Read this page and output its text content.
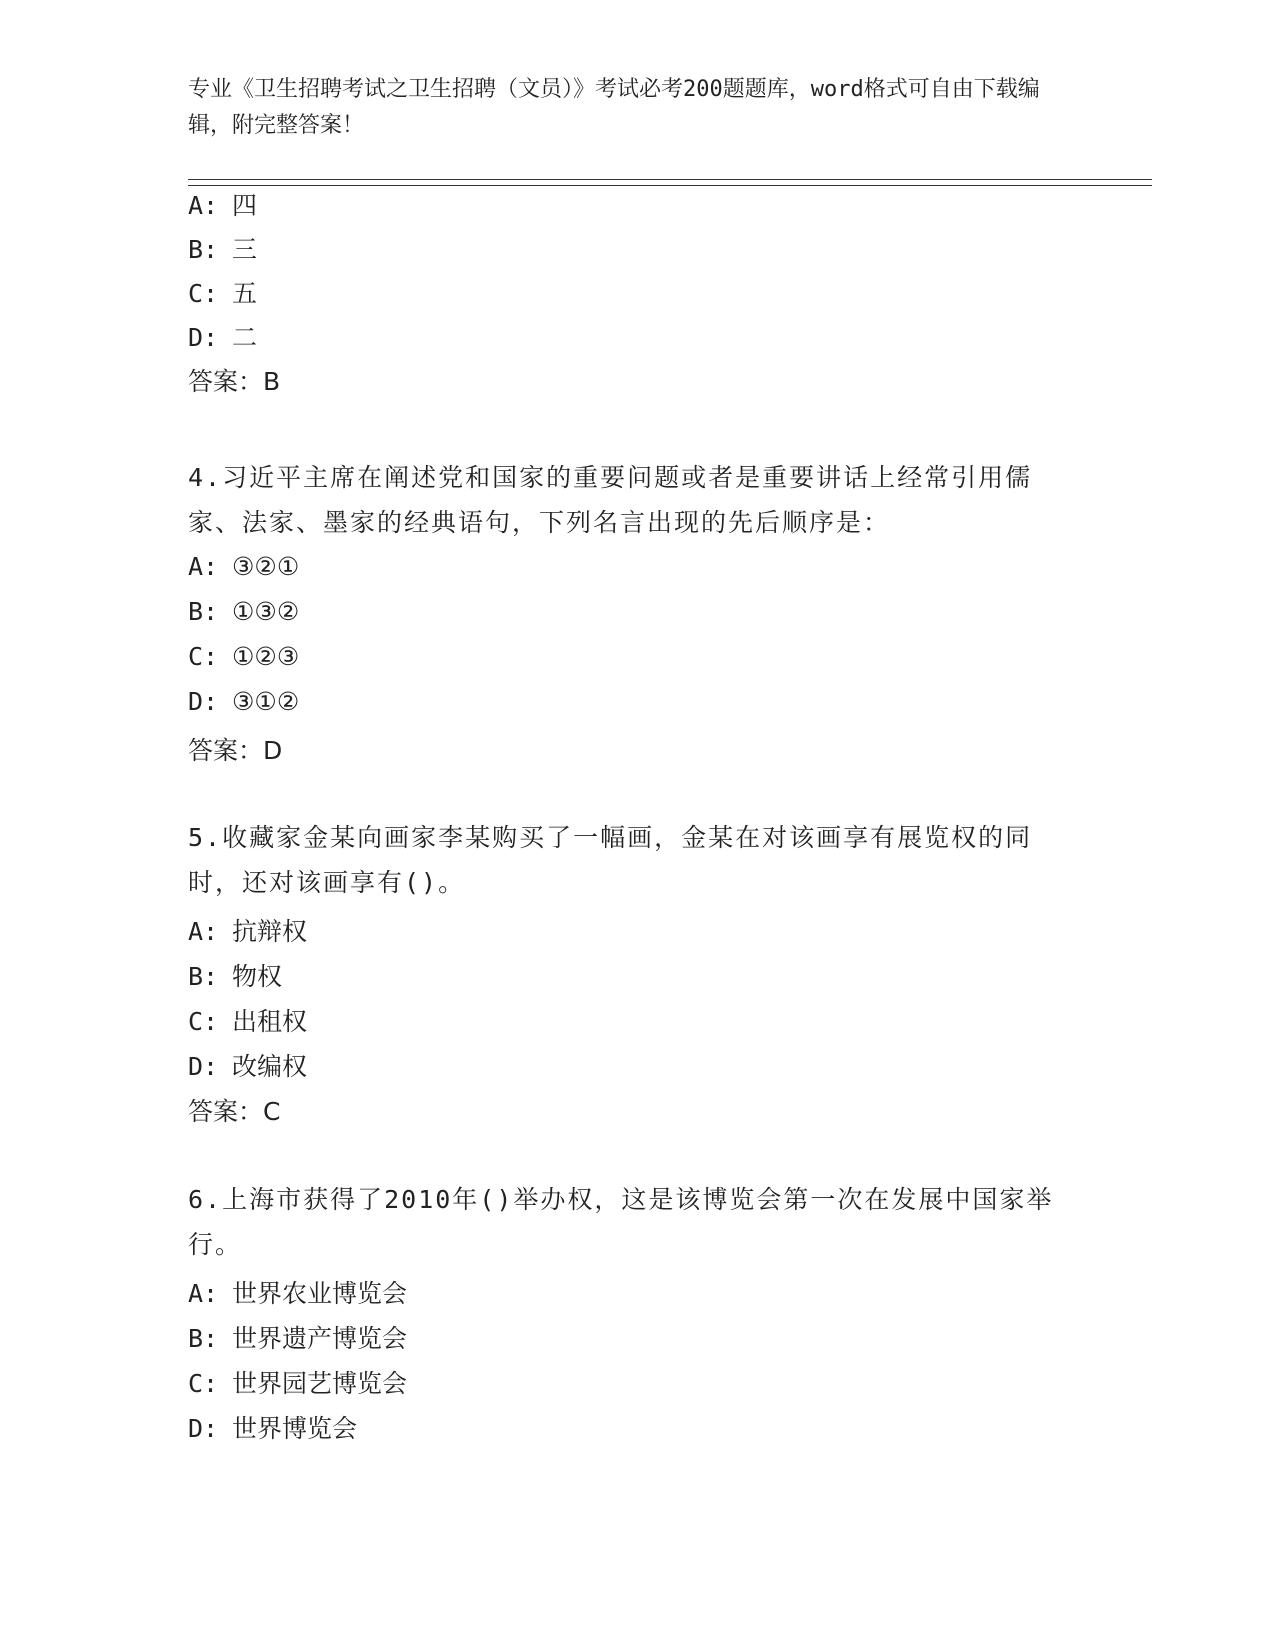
专业《卫生招聘考试之卫生招聘（文员）》考试必考200题题库，word格式可自由下载编辑，附完整答案！
A: 四
B: 三
C: 五
D: 二
答案：B
4.习近平主席在阐述党和国家的重要问题或者是重要讲话上经常引用儒家、法家、墨家的经典语句，下列名言出现的先后顺序是：
A: ③②①
B: ①③②
C: ①②③
D: ③①②
答案：D
5.收藏家金某向画家李某购买了一幅画，金某在对该画享有展览权的同时，还对该画享有()。
A: 抗辩权
B: 物权
C: 出租权
D: 改编权
答案：C
6.上海市获得了2010年()举办权，这是该博览会第一次在发展中国家举行。
A: 世界农业博览会
B: 世界遗产博览会
C: 世界园艺博览会
D: 世界博览会
